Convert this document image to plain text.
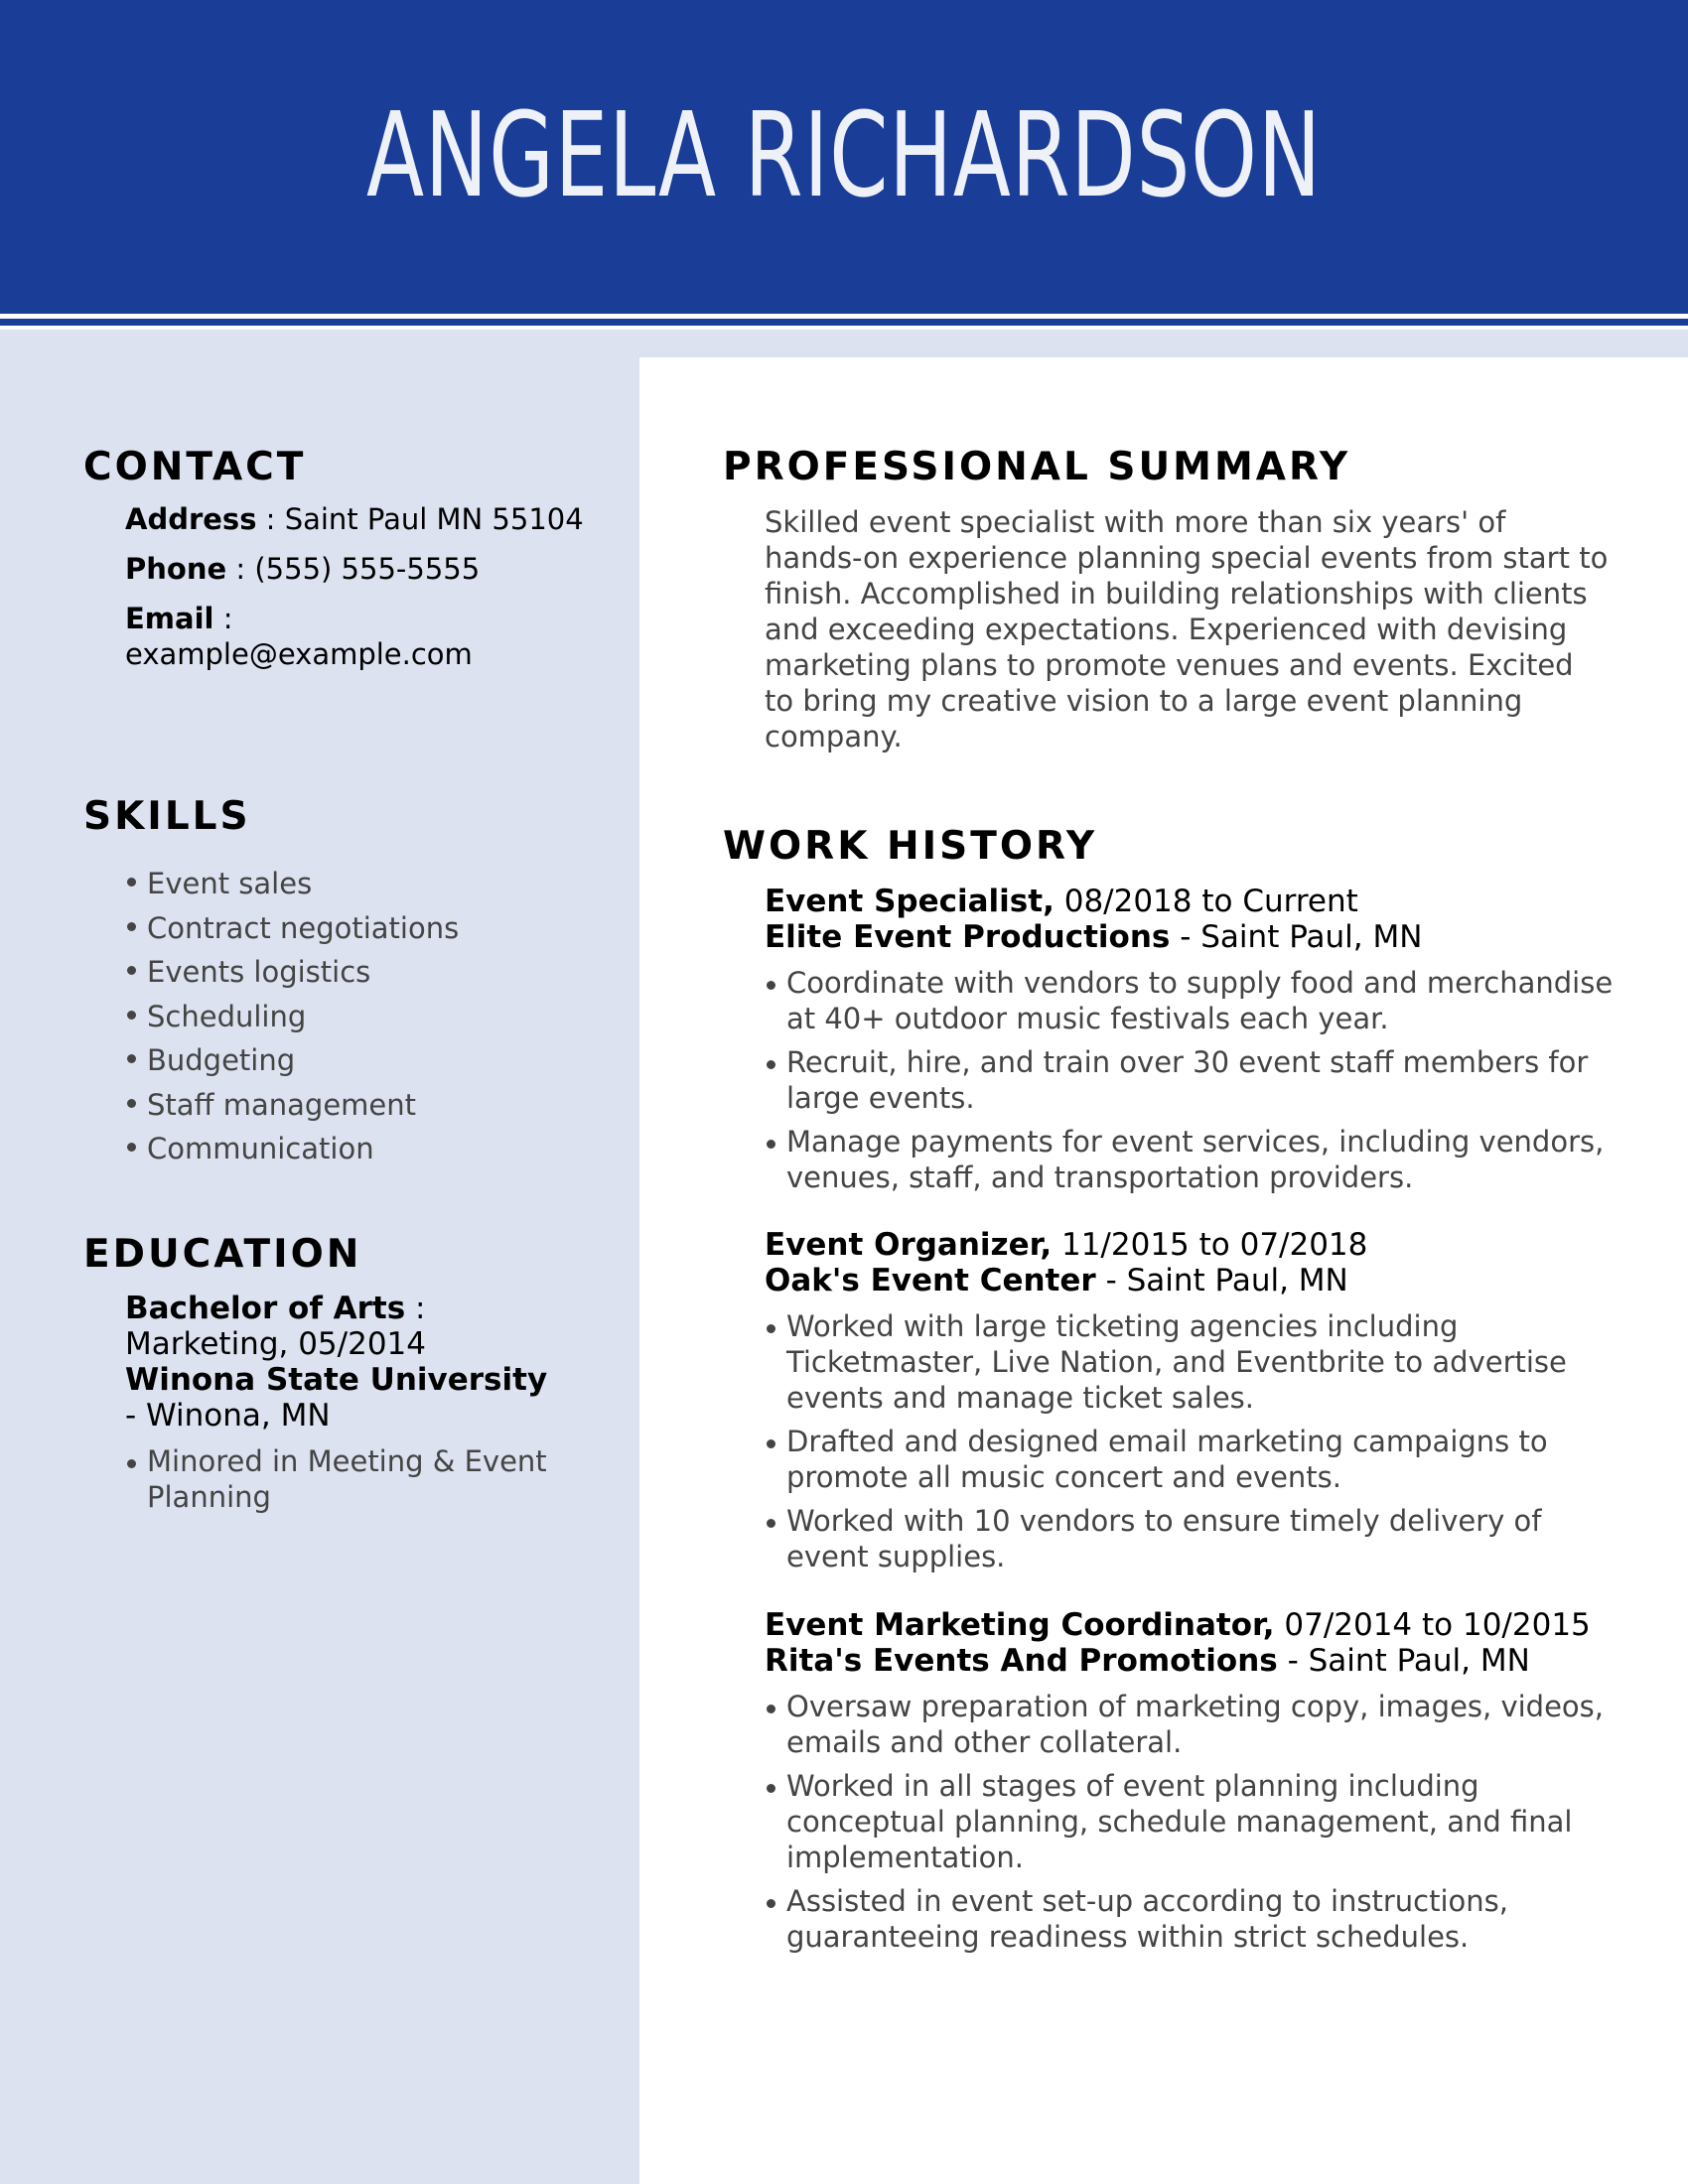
ANGELA RICHARDSON
CONTACT
Address : Saint Paul MN 55104
Phone : (555) 555-5555
Email :
example@example.com
SKILLS
Event sales
Contract negotiations
Events logistics
Scheduling
Budgeting
Staff management
Communication
EDUCATION
Bachelor of Arts :
Marketing, 05/2014
Winona State University
- Winona, MN
Minored in Meeting & Event Planning
PROFESSIONAL SUMMARY

Skilled event specialist with more than six years' of hands-on experience planning special events from start to finish. Accomplished in building relationships with clients and exceeding expectations. Experienced with devising marketing plans to promote venues and events. Excited to bring my creative vision to a large event planning company.

WORK HISTORY
Event Specialist, 08/2018 to Current
Elite Event Productions - Saint Paul, MN
Coordinate with vendors to supply food and merchandise at 40+ outdoor music festivals each year.
Recruit, hire, and train over 30 event staff members for large events.
Manage payments for event services, including vendors, venues, staff, and transportation providers.
Event Organizer, 11/2015 to 07/2018
Oak's Event Center - Saint Paul, MN
Worked with large ticketing agencies including Ticketmaster, Live Nation, and Eventbrite to advertise events and manage ticket sales.
Drafted and designed email marketing campaigns to promote all music concert and events.
Worked with 10 vendors to ensure timely delivery of event supplies.
Event Marketing Coordinator, 07/2014 to 10/2015
Rita's Events And Promotions - Saint Paul, MN
Oversaw preparation of marketing copy, images, videos, emails and other collateral.
Worked in all stages of event planning including conceptual planning, schedule management, and final implementation.
Assisted in event set-up according to instructions, guaranteeing readiness within strict schedules.
